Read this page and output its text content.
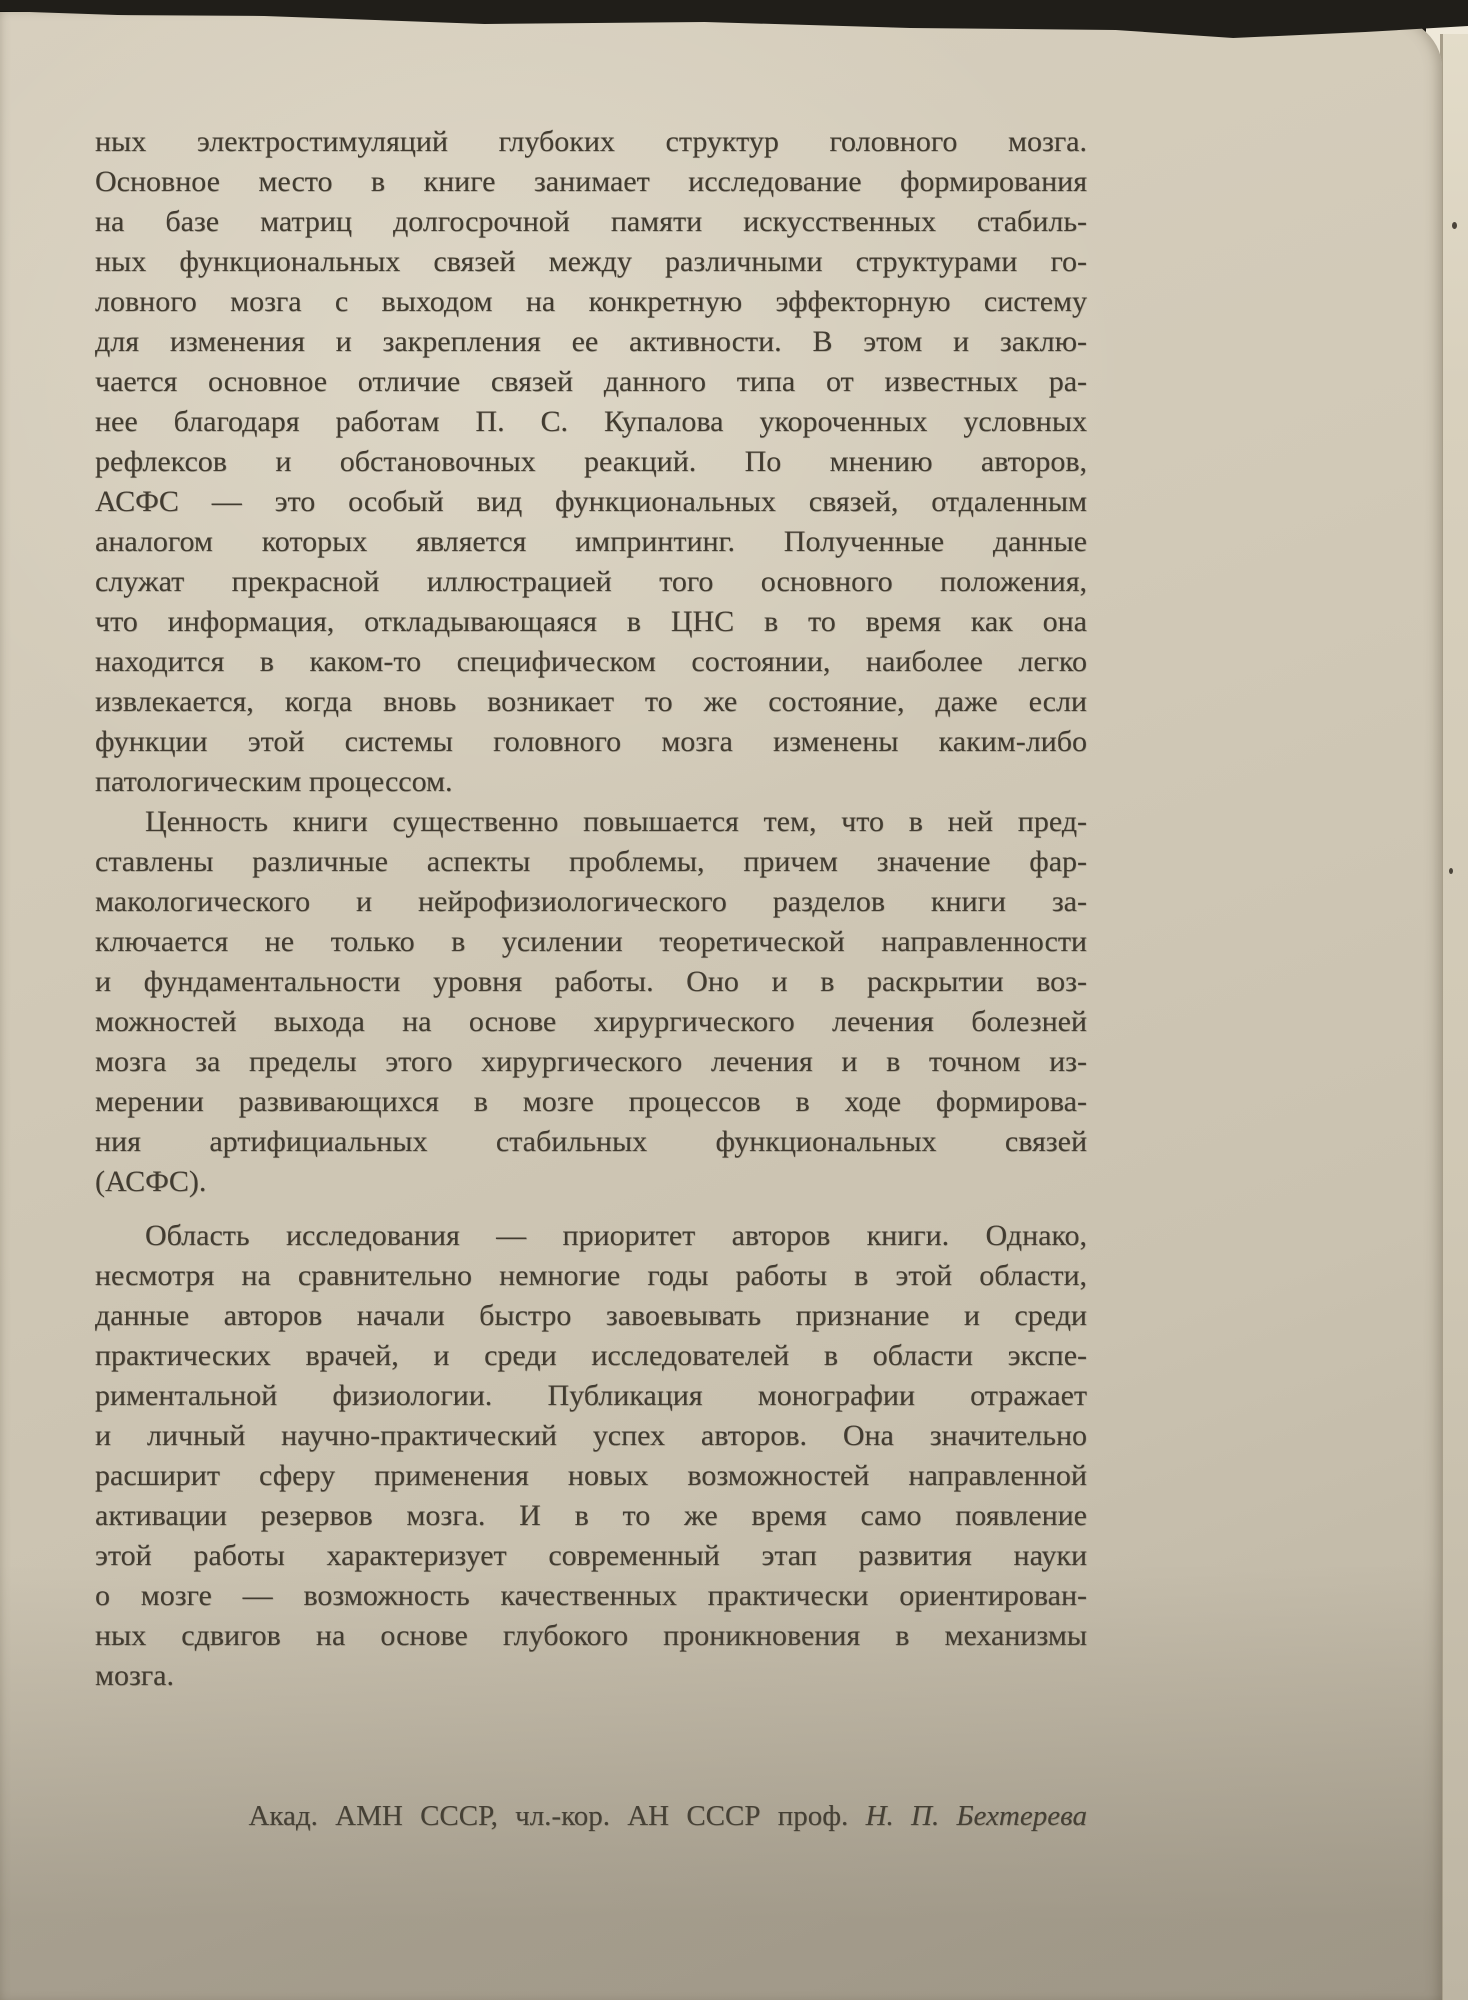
ных электростимуляций глубоких структур головного мозга.
Основное место в книге занимает исследование формирования
на базе матриц долгосрочной памяти искусственных стабиль-
ных функциональных связей между различными структурами го-
ловного мозга с выходом на конкретную эффекторную систему
для изменения и закрепления ее активности. В этом и заклю-
чается основное отличие связей данного типа от известных ра-
нее благодаря работам П. С. Купалова укороченных условных
рефлексов и обстановочных реакций. По мнению авторов,
АСФС — это особый вид функциональных связей, отдаленным
аналогом которых является импринтинг. Полученные данные
служат прекрасной иллюстрацией того основного положения,
что информация, откладывающаяся в ЦНС в то время как она
находится в каком-то специфическом состоянии, наиболее легко
извлекается, когда вновь возникает то же состояние, даже если
функции этой системы головного мозга изменены каким-либо
патологическим процессом.
Ценность книги существенно повышается тем, что в ней пред-
ставлены различные аспекты проблемы, причем значение фар-
макологического и нейрофизиологического разделов книги за-
ключается не только в усилении теоретической направленности
и фундаментальности уровня работы. Оно и в раскрытии воз-
можностей выхода на основе хирургического лечения болезней
мозга за пределы этого хирургического лечения и в точном из-
мерении развивающихся в мозге процессов в ходе формирова-
ния артифициальных стабильных функциональных связей
(АСФС).
Область исследования — приоритет авторов книги. Однако,
несмотря на сравнительно немногие годы работы в этой области,
данные авторов начали быстро завоевывать признание и среди
практических врачей, и среди исследователей в области экспе-
риментальной физиологии. Публикация монографии отражает
и личный научно-практический успех авторов. Она значительно
расширит сферу применения новых возможностей направленной
активации резервов мозга. И в то же время само появление
этой работы характеризует современный этап развития науки
о мозге — возможность качественных практически ориентирован-
ных сдвигов на основе глубокого проникновения в механизмы
мозга.
Акад. АМН СССР, чл.-кор. АН СССР проф. Н. П. Бехтерева
